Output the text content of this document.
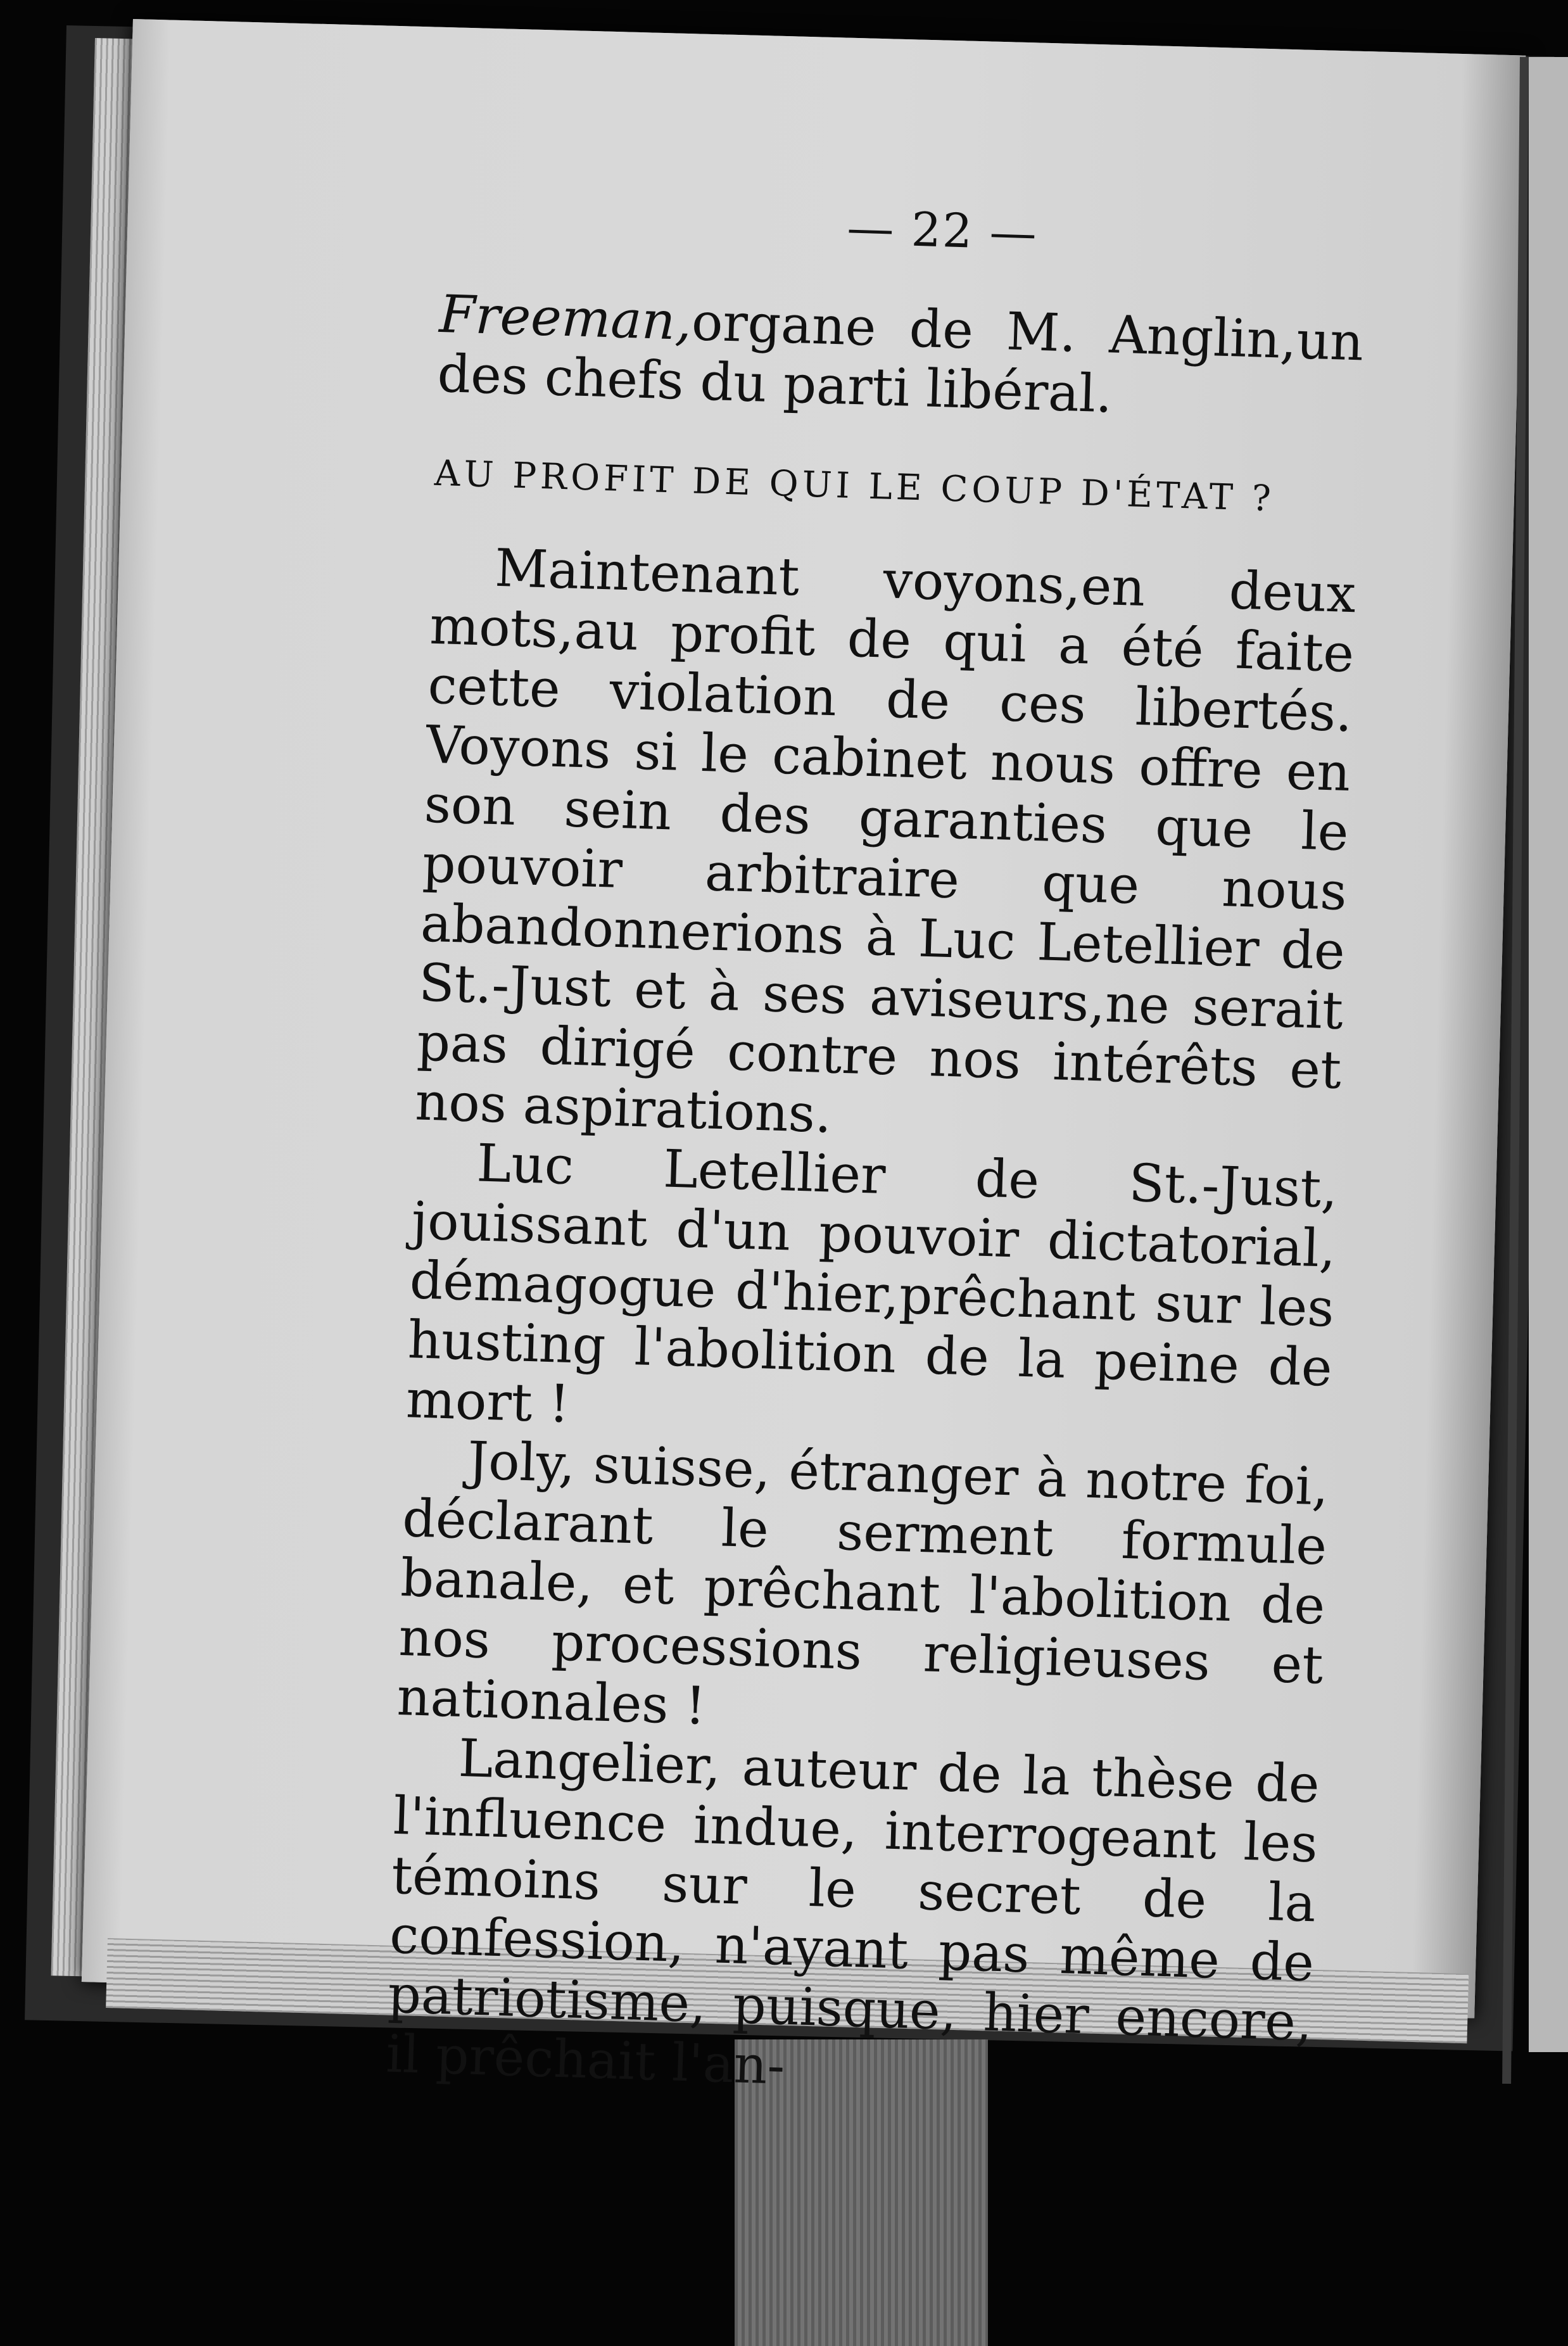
— 22 —

Freeman,organe de M. Anglin,un des chefs du parti libéral.

AU PROFIT DE QUI LE COUP D'ÉTAT ?

Maintenant voyons,en deux mots,au profit de qui a été faite cette violation de ces libertés. Voyons si le cabinet nous offre en son sein des garanties que le pouvoir arbitraire que nous abandonnerions à Luc Letellier de St.-Just et à ses aviseurs,ne serait pas dirigé contre nos intérêts et nos aspirations.

Luc Letellier de St.-Just, jouissant d'un pouvoir dictatorial, démagogue d'hier,prêchant sur les husting l'abolition de la peine de mort !

Joly, suisse, étranger à notre foi, déclarant le serment formule banale, et prêchant l'abolition de nos processions religieuses et nationales !

Langelier, auteur de la thèse de l'influence indue, interrogeant les témoins sur le secret de la confession, n'ayant pas même de patriotisme, puisque, hier encore, il prêchait l'an-
